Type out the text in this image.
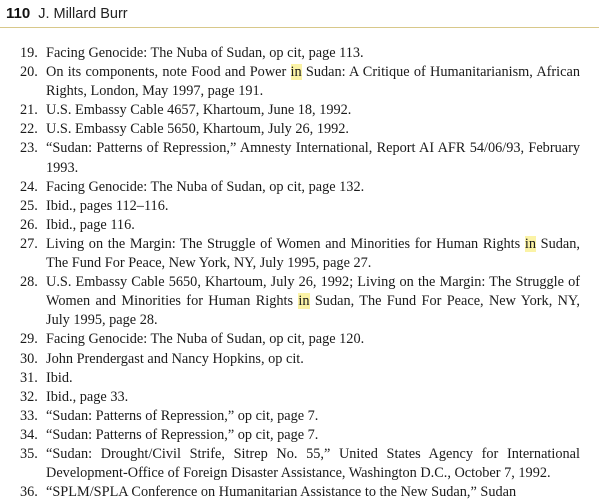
110 J. Millard Burr
19. Facing Genocide: The Nuba of Sudan, op cit, page 113.
20. On its components, note Food and Power in Sudan: A Critique of Humanitarianism, African Rights, London, May 1997, page 191.
21. U.S. Embassy Cable 4657, Khartoum, June 18, 1992.
22. U.S. Embassy Cable 5650, Khartoum, July 26, 1992.
23. “Sudan: Patterns of Repression,” Amnesty International, Report AI AFR 54/06/93, February 1993.
24. Facing Genocide: The Nuba of Sudan, op cit, page 132.
25. Ibid., pages 112–116.
26. Ibid., page 116.
27. Living on the Margin: The Struggle of Women and Minorities for Human Rights in Sudan, The Fund For Peace, New York, NY, July 1995, page 27.
28. U.S. Embassy Cable 5650, Khartoum, July 26, 1992; Living on the Margin: The Struggle of Women and Minorities for Human Rights in Sudan, The Fund For Peace, New York, NY, July 1995, page 28.
29. Facing Genocide: The Nuba of Sudan, op cit, page 120.
30. John Prendergast and Nancy Hopkins, op cit.
31. Ibid.
32. Ibid., page 33.
33. “Sudan: Patterns of Repression,” op cit, page 7.
34. “Sudan: Patterns of Repression,” op cit, page 7.
35. “Sudan: Drought/Civil Strife, Sitrep No. 55,” United States Agency for International Development-Office of Foreign Disaster Assistance, Washington D.C., October 7, 1992.
36. “SPLM/SPLA Conference on Humanitarian Assistance to the New Sudan,” Sudan
